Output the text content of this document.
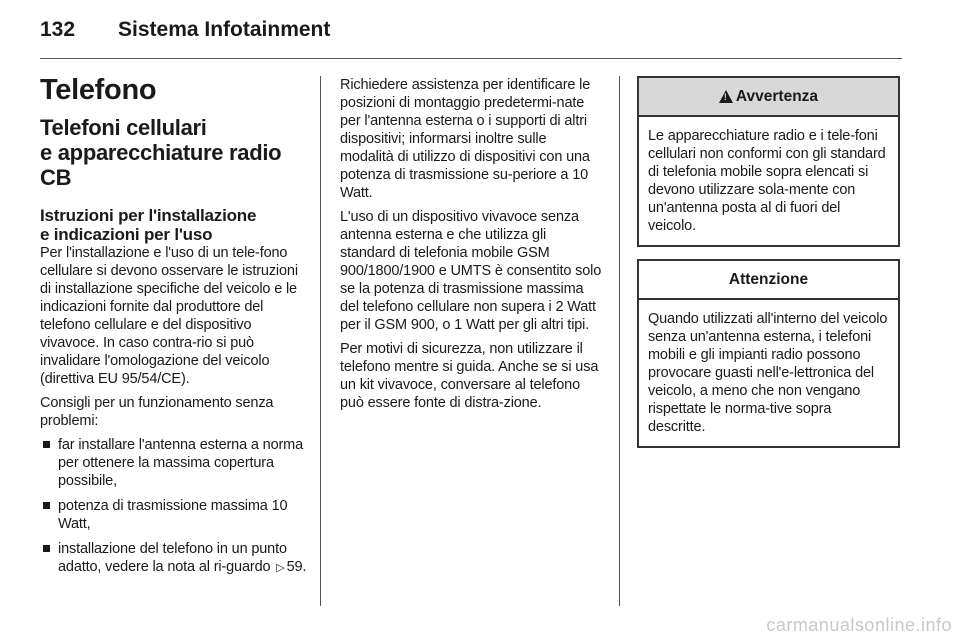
132 Sistema Infotainment
Telefono
Telefoni cellulari
e apparecchiature radio
CB
Istruzioni per l'installazione
e indicazioni per l'uso

Per l'installazione e l'uso di un tele-fono cellulare si devono osservare le istruzioni di installazione specifiche del veicolo e le indicazioni fornite dal produttore del telefono cellulare e del dispositivo vivavoce. In caso contra-rio si può invalidare l'omologazione del veicolo (direttiva EU 95/54/CE).

Consigli per un funzionamento senza problemi:

far installare l'antenna esterna a norma per ottenere la massima copertura possibile,
potenza di trasmissione massima 10 Watt,
installazione del telefono in un punto adatto, vedere la nota al ri-guardo ▷ 59.

Richiedere assistenza per identificare le posizioni di montaggio predetermi-nate per l'antenna esterna o i supporti di altri dispositivi; informarsi inoltre sulle modalità di utilizzo di dispositivi con una potenza di trasmissione su-periore a 10 Watt.

L'uso di un dispositivo vivavoce senza antenna esterna e che utilizza gli standard di telefonia mobile GSM 900/1800/1900 e UMTS è consentito solo se la potenza di trasmissione massima del telefono cellulare non supera i 2 Watt per il GSM 900, o 1 Watt per gli altri tipi.

Per motivi di sicurezza, non utilizzare il telefono mentre si guida. Anche se si usa un kit vivavoce, conversare al telefono può essere fonte di distra-zione.

!
Avvertenza

Le apparecchiature radio e i tele-foni cellulari non conformi con gli standard di telefonia mobile sopra elencati si devono utilizzare sola-mente con un'antenna posta al di fuori del veicolo.

Attenzione

Quando utilizzati all'interno del veicolo senza un'antenna esterna, i telefoni mobili e gli impianti radio possono provocare guasti nell'e-lettronica del veicolo, a meno che non vengano rispettate le norma-tive sopra descritte.

carmanualsonline.info
